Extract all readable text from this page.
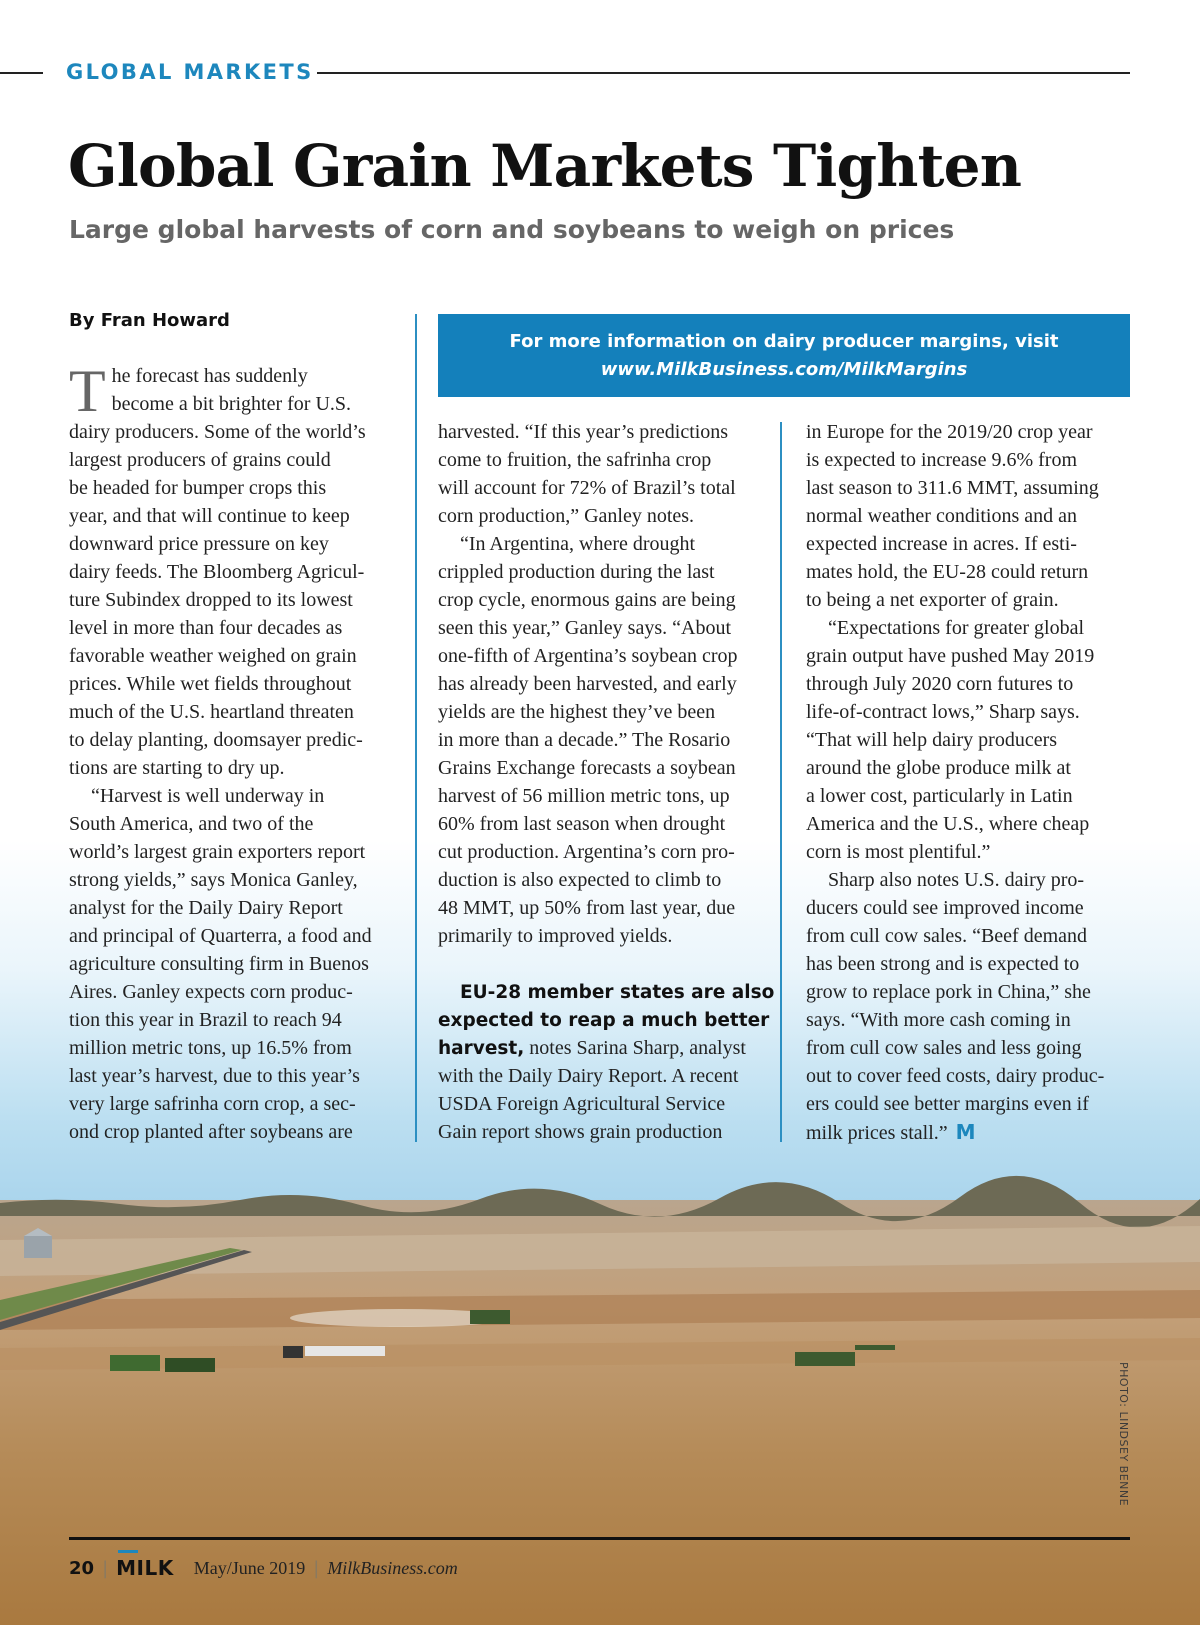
GLOBAL MARKETS
Global Grain Markets Tighten
Large global harvests of corn and soybeans to weigh on prices
By Fran Howard
For more information on dairy producer margins, visit
www.MilkBusiness.com/MilkMargins
T he forecast has suddenly
become a bit brighter for U.S.
dairy producers. Some of the world’s
largest producers of grains could
be headed for bumper crops this
year, and that will continue to keep
downward price pressure on key
dairy feeds. The Bloomberg Agricul-
ture Subindex dropped to its lowest
level in more than four decades as
favorable weather weighed on grain
prices. While wet fields throughout
much of the U.S. heartland threaten
to delay planting, doomsayer predic-
tions are starting to dry up.
“Harvest is well underway in
South America, and two of the
world’s largest grain exporters report
strong yields,” says Monica Ganley,
analyst for the Daily Dairy Report
and principal of Quarterra, a food and
agriculture consulting firm in Buenos
Aires. Ganley expects corn produc-
tion this year in Brazil to reach 94
million metric tons, up 16.5% from
last year’s harvest, due to this year’s
very large safrinha corn crop, a sec-
ond crop planted after soybeans are
harvested. “If this year’s predictions
come to fruition, the safrinha crop
will account for 72% of Brazil’s total
corn production,” Ganley notes.
“In Argentina, where drought
crippled production during the last
crop cycle, enormous gains are being
seen this year,” Ganley says. “About
one-fifth of Argentina’s soybean crop
has already been harvested, and early
yields are the highest they’ve been
in more than a decade.” The Rosario
Grains Exchange forecasts a soybean
harvest of 56 million metric tons, up
60% from last season when drought
cut production. Argentina’s corn pro-
duction is also expected to climb to
48 MMT, up 50% from last year, due
primarily to improved yields.
EU-28 member states are also
expected to reap a much better
harvest, notes Sarina Sharp, analyst
with the Daily Dairy Report. A recent
USDA Foreign Agricultural Service
Gain report shows grain production
in Europe for the 2019/20 crop year
is expected to increase 9.6% from
last season to 311.6 MMT, assuming
normal weather conditions and an
expected increase in acres. If esti-
mates hold, the EU-28 could return
to being a net exporter of grain.
“Expectations for greater global
grain output have pushed May 2019
through July 2020 corn futures to
life-of-contract lows,” Sharp says.
“That will help dairy producers
around the globe produce milk at
a lower cost, particularly in Latin
America and the U.S., where cheap
corn is most plentiful.”
Sharp also notes U.S. dairy pro-
ducers could see improved income
from cull cow sales. “Beef demand
has been strong and is expected to
grow to replace pork in China,” she
says. “With more cash coming in
from cull cow sales and less going
out to cover feed costs, dairy produc-
ers could see better margins even if
milk prices stall.” M
PHOTO: LINDSEY BENNE
20 | MILK May/June 2019 | MilkBusiness.com
